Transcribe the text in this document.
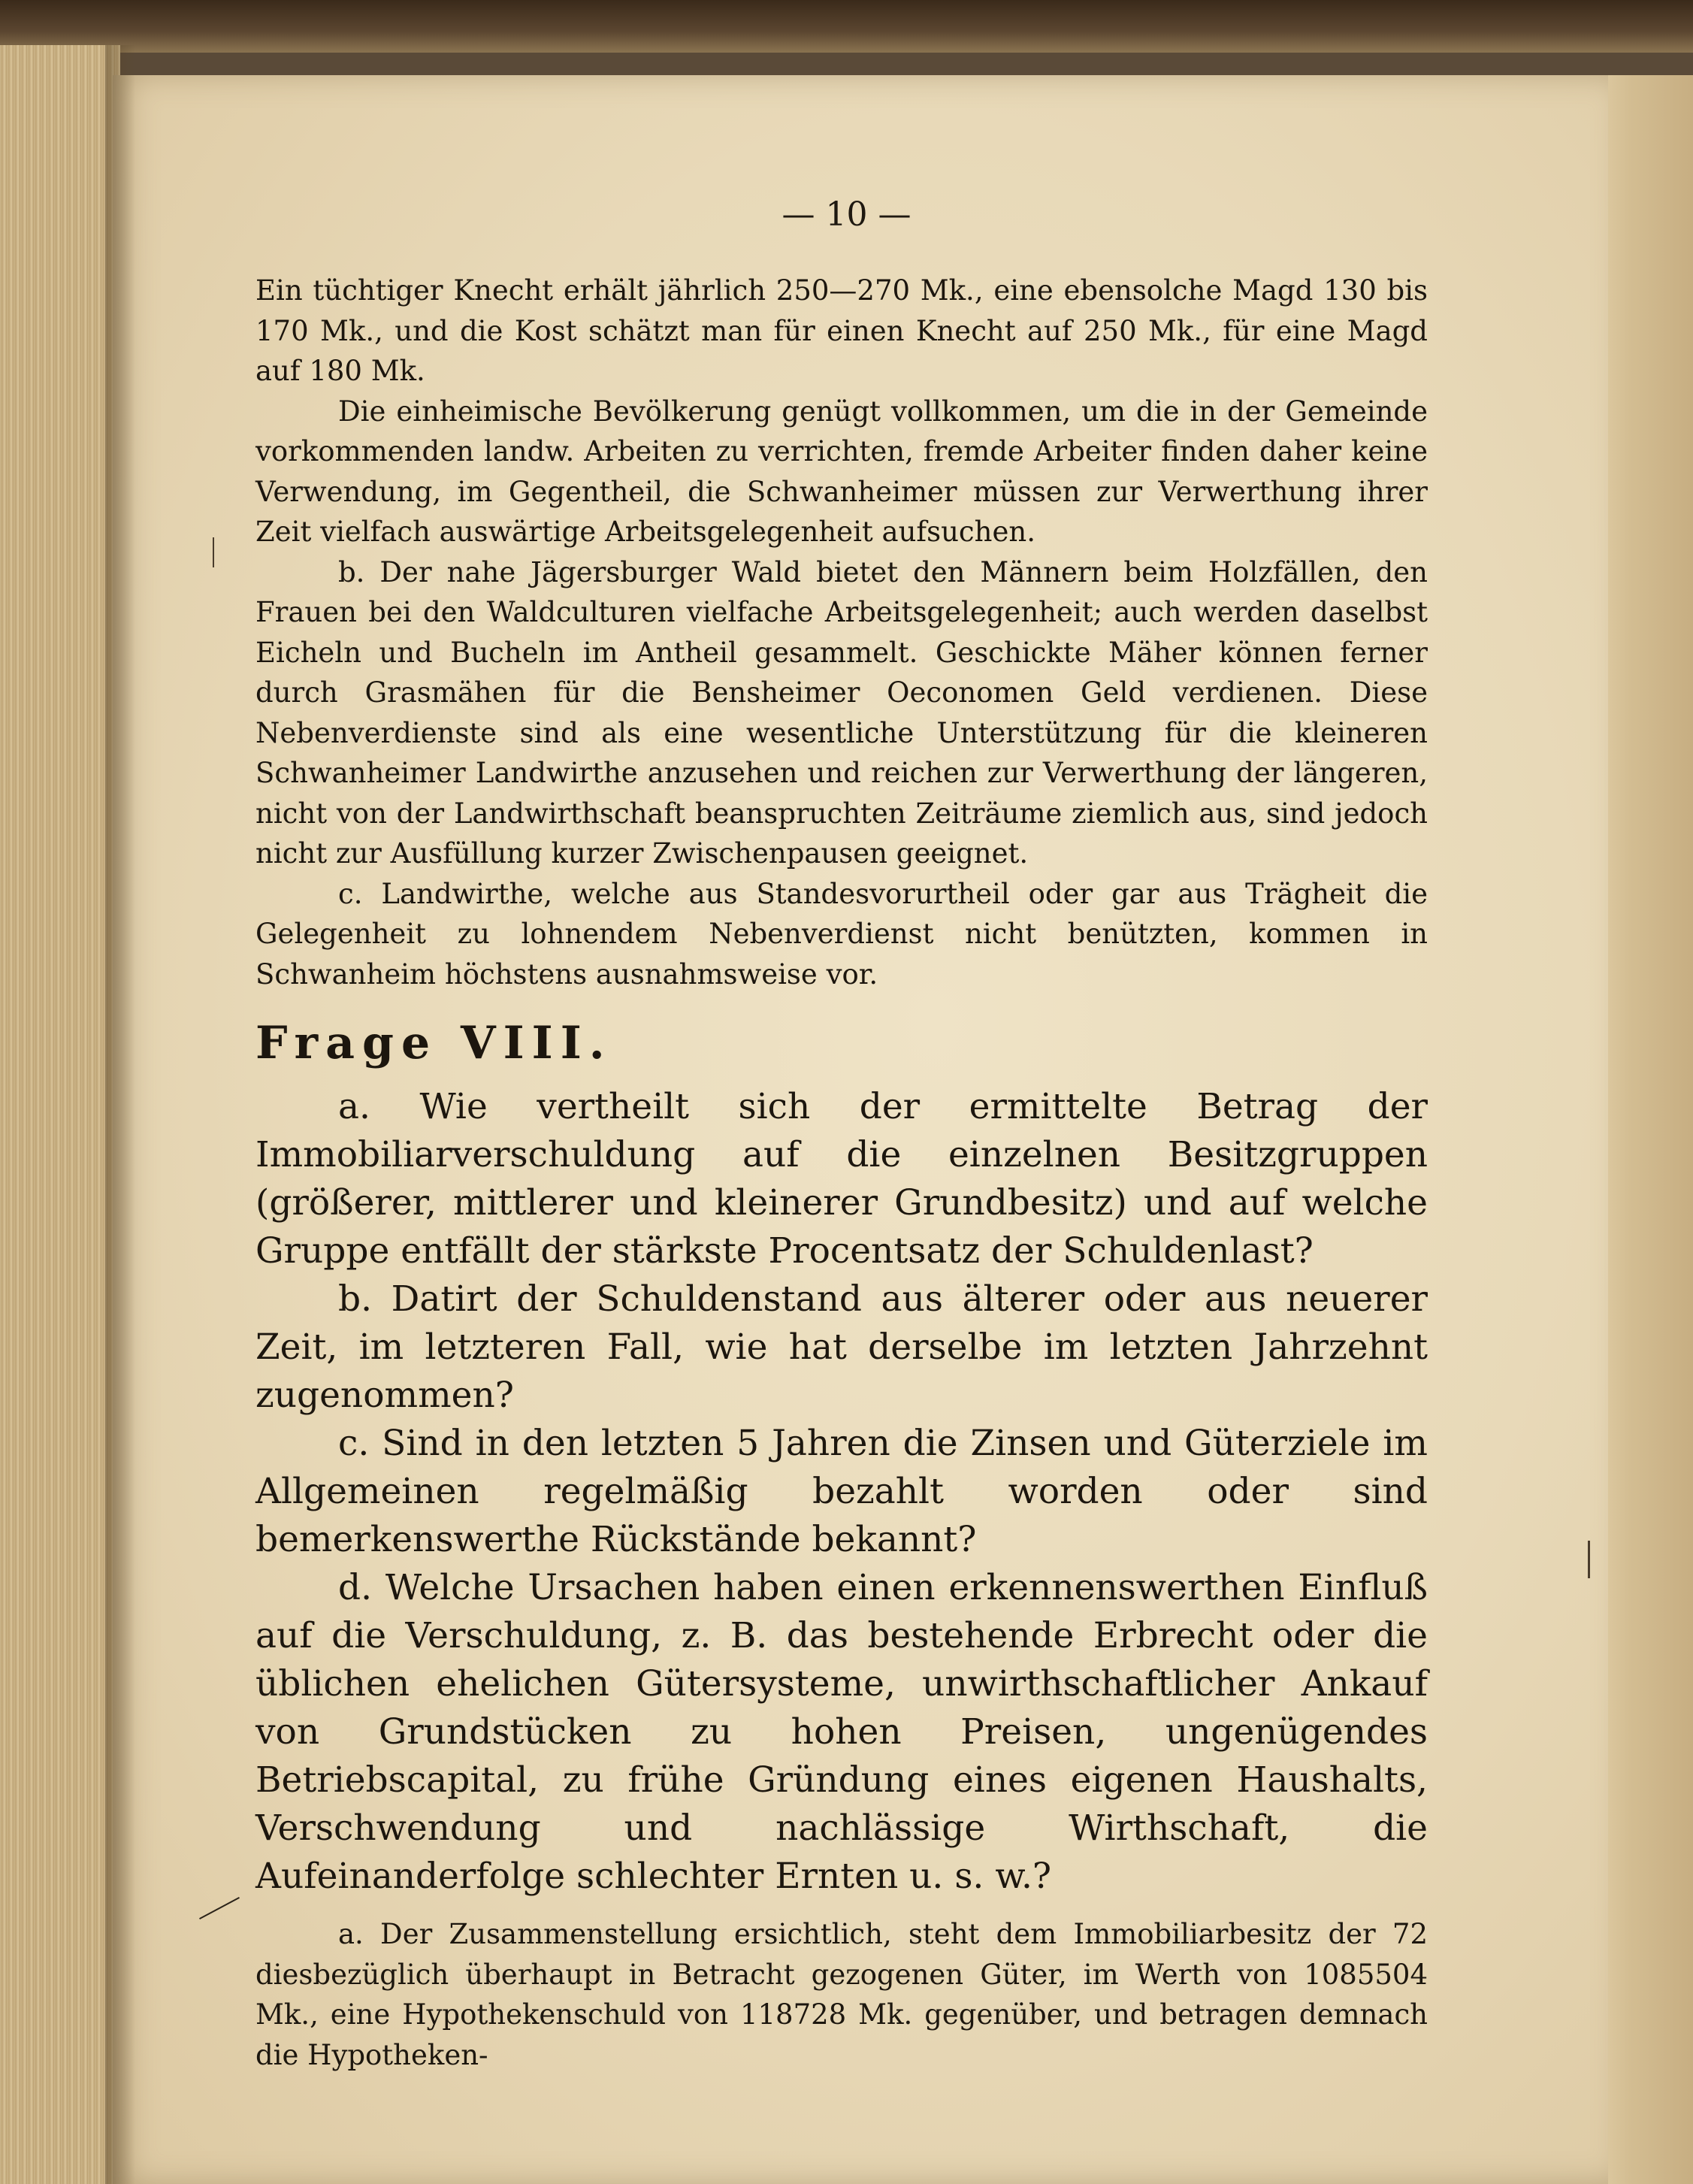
— 10 —

Ein tüchtiger Knecht erhält jährlich 250—270 Mk., eine ebensolche Magd 130 bis 170 Mk., und die Kost schätzt man für einen Knecht auf 250 Mk., für eine Magd auf 180 Mk.

Die einheimische Bevölkerung genügt vollkommen, um die in der Gemeinde vorkommenden landw. Arbeiten zu verrichten, fremde Arbeiter finden daher keine Verwendung, im Gegentheil, die Schwanheimer müssen zur Verwerthung ihrer Zeit vielfach auswärtige Arbeitsgelegenheit aufsuchen.

b. Der nahe Jägersburger Wald bietet den Männern beim Holzfällen, den Frauen bei den Waldculturen vielfache Arbeitsgelegenheit; auch werden daselbst Eicheln und Bucheln im Antheil gesammelt. Geschickte Mäher können ferner durch Grasmähen für die Bensheimer Oeconomen Geld verdienen. Diese Nebenverdienste sind als eine wesentliche Unterstützung für die kleineren Schwanheimer Landwirthe anzusehen und reichen zur Verwerthung der längeren, nicht von der Landwirthschaft beanspruchten Zeiträume ziemlich aus, sind jedoch nicht zur Ausfüllung kurzer Zwischenpausen geeignet.

c. Landwirthe, welche aus Standesvorurtheil oder gar aus Trägheit die Gelegenheit zu lohnendem Nebenverdienst nicht benützten, kommen in Schwanheim höchstens ausnahmsweise vor.

Frage VIII.

a. Wie vertheilt sich der ermittelte Betrag der Immobiliarverschuldung auf die einzelnen Besitzgruppen (größerer, mittlerer und kleinerer Grundbesitz) und auf welche Gruppe entfällt der stärkste Procentsatz der Schuldenlast?

b. Datirt der Schuldenstand aus älterer oder aus neuerer Zeit, im letzteren Fall, wie hat derselbe im letzten Jahrzehnt zugenommen?

c. Sind in den letzten 5 Jahren die Zinsen und Güterziele im Allgemeinen regelmäßig bezahlt worden oder sind bemerkenswerthe Rückstände bekannt?

d. Welche Ursachen haben einen erkennenswerthen Einfluß auf die Verschuldung, z. B. das bestehende Erbrecht oder die üblichen ehelichen Gütersysteme, unwirthschaftlicher Ankauf von Grundstücken zu hohen Preisen, ungenügendes Betriebscapital, zu frühe Gründung eines eigenen Haushalts, Verschwendung und nachlässige Wirthschaft, die Aufeinanderfolge schlechter Ernten u. s. w.?

a. Der Zusammenstellung ersichtlich, steht dem Immobiliarbesitz der 72 diesbezüglich überhaupt in Betracht gezogenen Güter, im Werth von 1085504 Mk., eine Hypothekenschuld von 118728 Mk. gegenüber, und betragen demnach die Hypotheken-
